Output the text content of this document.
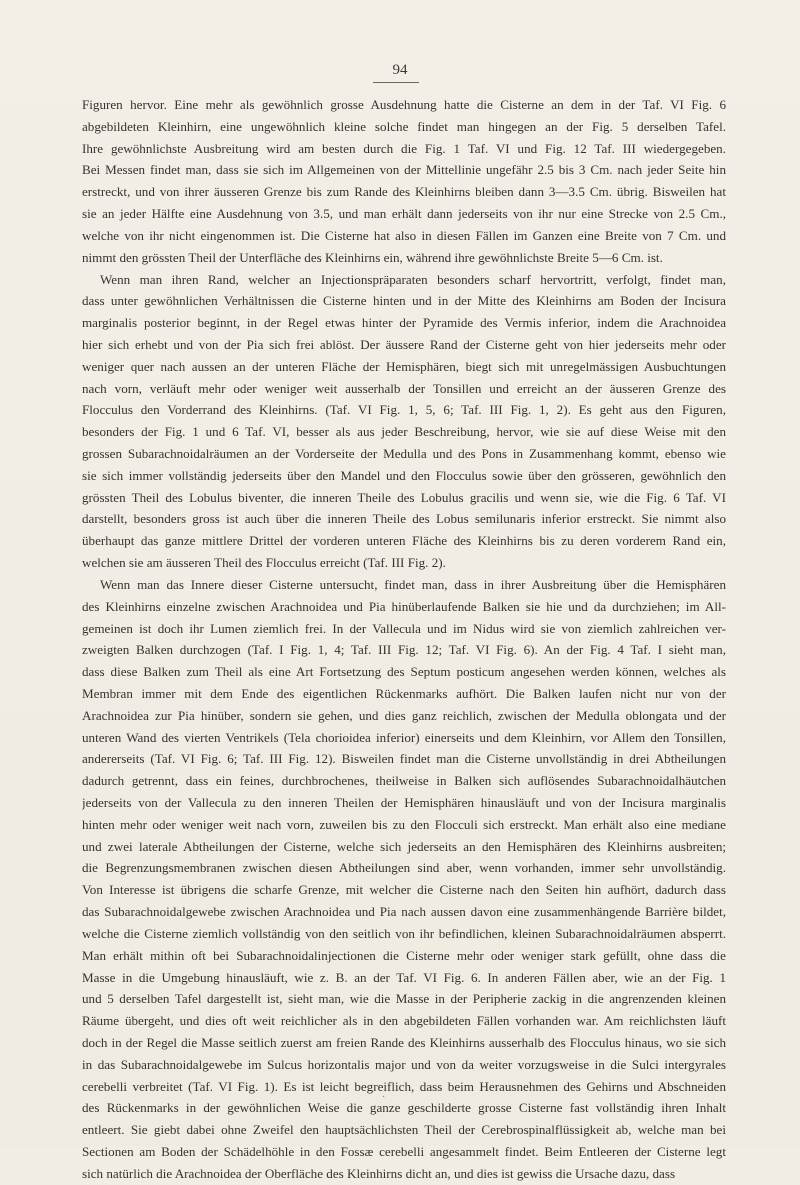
94
Figuren hervor. Eine mehr als gewöhnlich grosse Ausdehnung hatte die Cisterne an dem in der Taf. VI Fig. 6
abgebildeten Kleinhirn, eine ungewöhnlich kleine solche findet man hingegen an der Fig. 5 derselben Tafel.
Ihre gewöhnlichste Ausbreitung wird am besten durch die Fig. 1 Taf. VI und Fig. 12 Taf. III wiedergegeben.
Bei Messen findet man, dass sie sich im Allgemeinen von der Mittellinie ungefähr 2.5 bis 3 Cm. nach jeder Seite hin
erstreckt, und von ihrer äusseren Grenze bis zum Rande des Kleinhirns bleiben dann 3—3.5 Cm. übrig. Bisweilen hat
sie an jeder Hälfte eine Ausdehnung von 3.5, und man erhält dann jederseits von ihr nur eine Strecke von 2.5 Cm.,
welche von ihr nicht eingenommen ist. Die Cisterne hat also in diesen Fällen im Ganzen eine Breite von 7 Cm. und
nimmt den grössten Theil der Unterfläche des Kleinhirns ein, während ihre gewöhnlichste Breite 5—6 Cm. ist.
Wenn man ihren Rand, welcher an Injectionspräparaten besonders scharf hervortritt, verfolgt, findet man,
dass unter gewöhnlichen Verhältnissen die Cisterne hinten und in der Mitte des Kleinhirns am Boden der Incisura
marginalis posterior beginnt, in der Regel etwas hinter der Pyramide des Vermis inferior, indem die Arachnoidea
hier sich erhebt und von der Pia sich frei ablöst. Der äussere Rand der Cisterne geht von hier jederseits mehr oder
weniger quer nach aussen an der unteren Fläche der Hemisphären, biegt sich mit unregelmässigen Ausbuchtungen
nach vorn, verläuft mehr oder weniger weit ausserhalb der Tonsillen und erreicht an der äusseren Grenze des
Flocculus den Vorderrand des Kleinhirns. (Taf. VI Fig. 1, 5, 6; Taf. III Fig. 1, 2). Es geht aus den Figuren,
besonders der Fig. 1 und 6 Taf. VI, besser als aus jeder Beschreibung, hervor, wie sie auf diese Weise mit den
grossen Subarachnoidalräumen an der Vorderseite der Medulla und des Pons in Zusammenhang kommt, ebenso wie
sie sich immer vollständig jederseits über den Mandel und den Flocculus sowie über den grösseren, gewöhnlich den
grössten Theil des Lobulus biventer, die inneren Theile des Lobulus gracilis und wenn sie, wie die Fig. 6 Taf. VI
darstellt, besonders gross ist auch über die inneren Theile des Lobus semilunaris inferior erstreckt. Sie nimmt also
überhaupt das ganze mittlere Drittel der vorderen unteren Fläche des Kleinhirns bis zu deren vorderem Rand ein,
welchen sie am äusseren Theil des Flocculus erreicht (Taf. III Fig. 2).
Wenn man das Innere dieser Cisterne untersucht, findet man, dass in ihrer Ausbreitung über die Hemisphären
des Kleinhirns einzelne zwischen Arachnoidea und Pia hinüberlaufende Balken sie hie und da durchziehen; im All-
gemeinen ist doch ihr Lumen ziemlich frei. In der Vallecula und im Nidus wird sie von ziemlich zahlreichen ver-
zweigten Balken durchzogen (Taf. I Fig. 1, 4; Taf. III Fig. 12; Taf. VI Fig. 6). An der Fig. 4 Taf. I sieht man,
dass diese Balken zum Theil als eine Art Fortsetzung des Septum posticum angesehen werden können, welches als
Membran immer mit dem Ende des eigentlichen Rückenmarks aufhört. Die Balken laufen nicht nur von der
Arachnoidea zur Pia hinüber, sondern sie gehen, und dies ganz reichlich, zwischen der Medulla oblongata und der
unteren Wand des vierten Ventrikels (Tela chorioidea inferior) einerseits und dem Kleinhirn, vor Allem den Tonsillen,
andererseits (Taf. VI Fig. 6; Taf. III Fig. 12). Bisweilen findet man die Cisterne unvollständig in drei Abtheilungen
dadurch getrennt, dass ein feines, durchbrochenes, theilweise in Balken sich auflösendes Subarachnoidalhäutchen
jederseits von der Vallecula zu den inneren Theilen der Hemisphären hinausläuft und von der Incisura marginalis
hinten mehr oder weniger weit nach vorn, zuweilen bis zu den Flocculi sich erstreckt. Man erhält also eine mediane
und zwei laterale Abtheilungen der Cisterne, welche sich jederseits an den Hemisphären des Kleinhirns ausbreiten;
die Begrenzungsmembranen zwischen diesen Abtheilungen sind aber, wenn vorhanden, immer sehr unvollständig.
Von Interesse ist übrigens die scharfe Grenze, mit welcher die Cisterne nach den Seiten hin aufhört, dadurch dass
das Subarachnoidalgewebe zwischen Arachnoidea und Pia nach aussen davon eine zusammenhängende Barrière bildet,
welche die Cisterne ziemlich vollständig von den seitlich von ihr befindlichen, kleinen Subarachnoidalräumen absperrt.
Man erhält mithin oft bei Subarachnoidalinjectionen die Cisterne mehr oder weniger stark gefüllt, ohne dass die
Masse in die Umgebung hinausläuft, wie z. B. an der Taf. VI Fig. 6. In anderen Fällen aber, wie an der Fig. 1
und 5 derselben Tafel dargestellt ist, sieht man, wie die Masse in der Peripherie zackig in die angrenzenden kleinen
Räume übergeht, und dies oft weit reichlicher als in den abgebildeten Fällen vorhanden war. Am reichlichsten läuft
doch in der Regel die Masse seitlich zuerst am freien Rande des Kleinhirns ausserhalb des Flocculus hinaus, wo sie sich
in das Subarachnoidalgewebe im Sulcus horizontalis major und von da weiter vorzugsweise in die Sulci intergyrales
cerebelli verbreitet (Taf. VI Fig. 1). Es ist leicht begreiflich, dass beim Herausnehmen des Gehirns und Abschneiden
des Rückenmarks in der gewöhnlichen Weise die ganze geschilderte grosse Cisterne fast vollständig ihren Inhalt
entleert. Sie giebt dabei ohne Zweifel den hauptsächlichsten Theil der Cerebrospinalflüssigkeit ab, welche man bei
Sectionen am Boden der Schädelhöhle in den Fossæ cerebelli angesammelt findet. Beim Entleeren der Cisterne legt
sich natürlich die Arachnoidea der Oberfläche des Kleinhirns dicht an, und dies ist gewiss die Ursache dazu, dass
·
